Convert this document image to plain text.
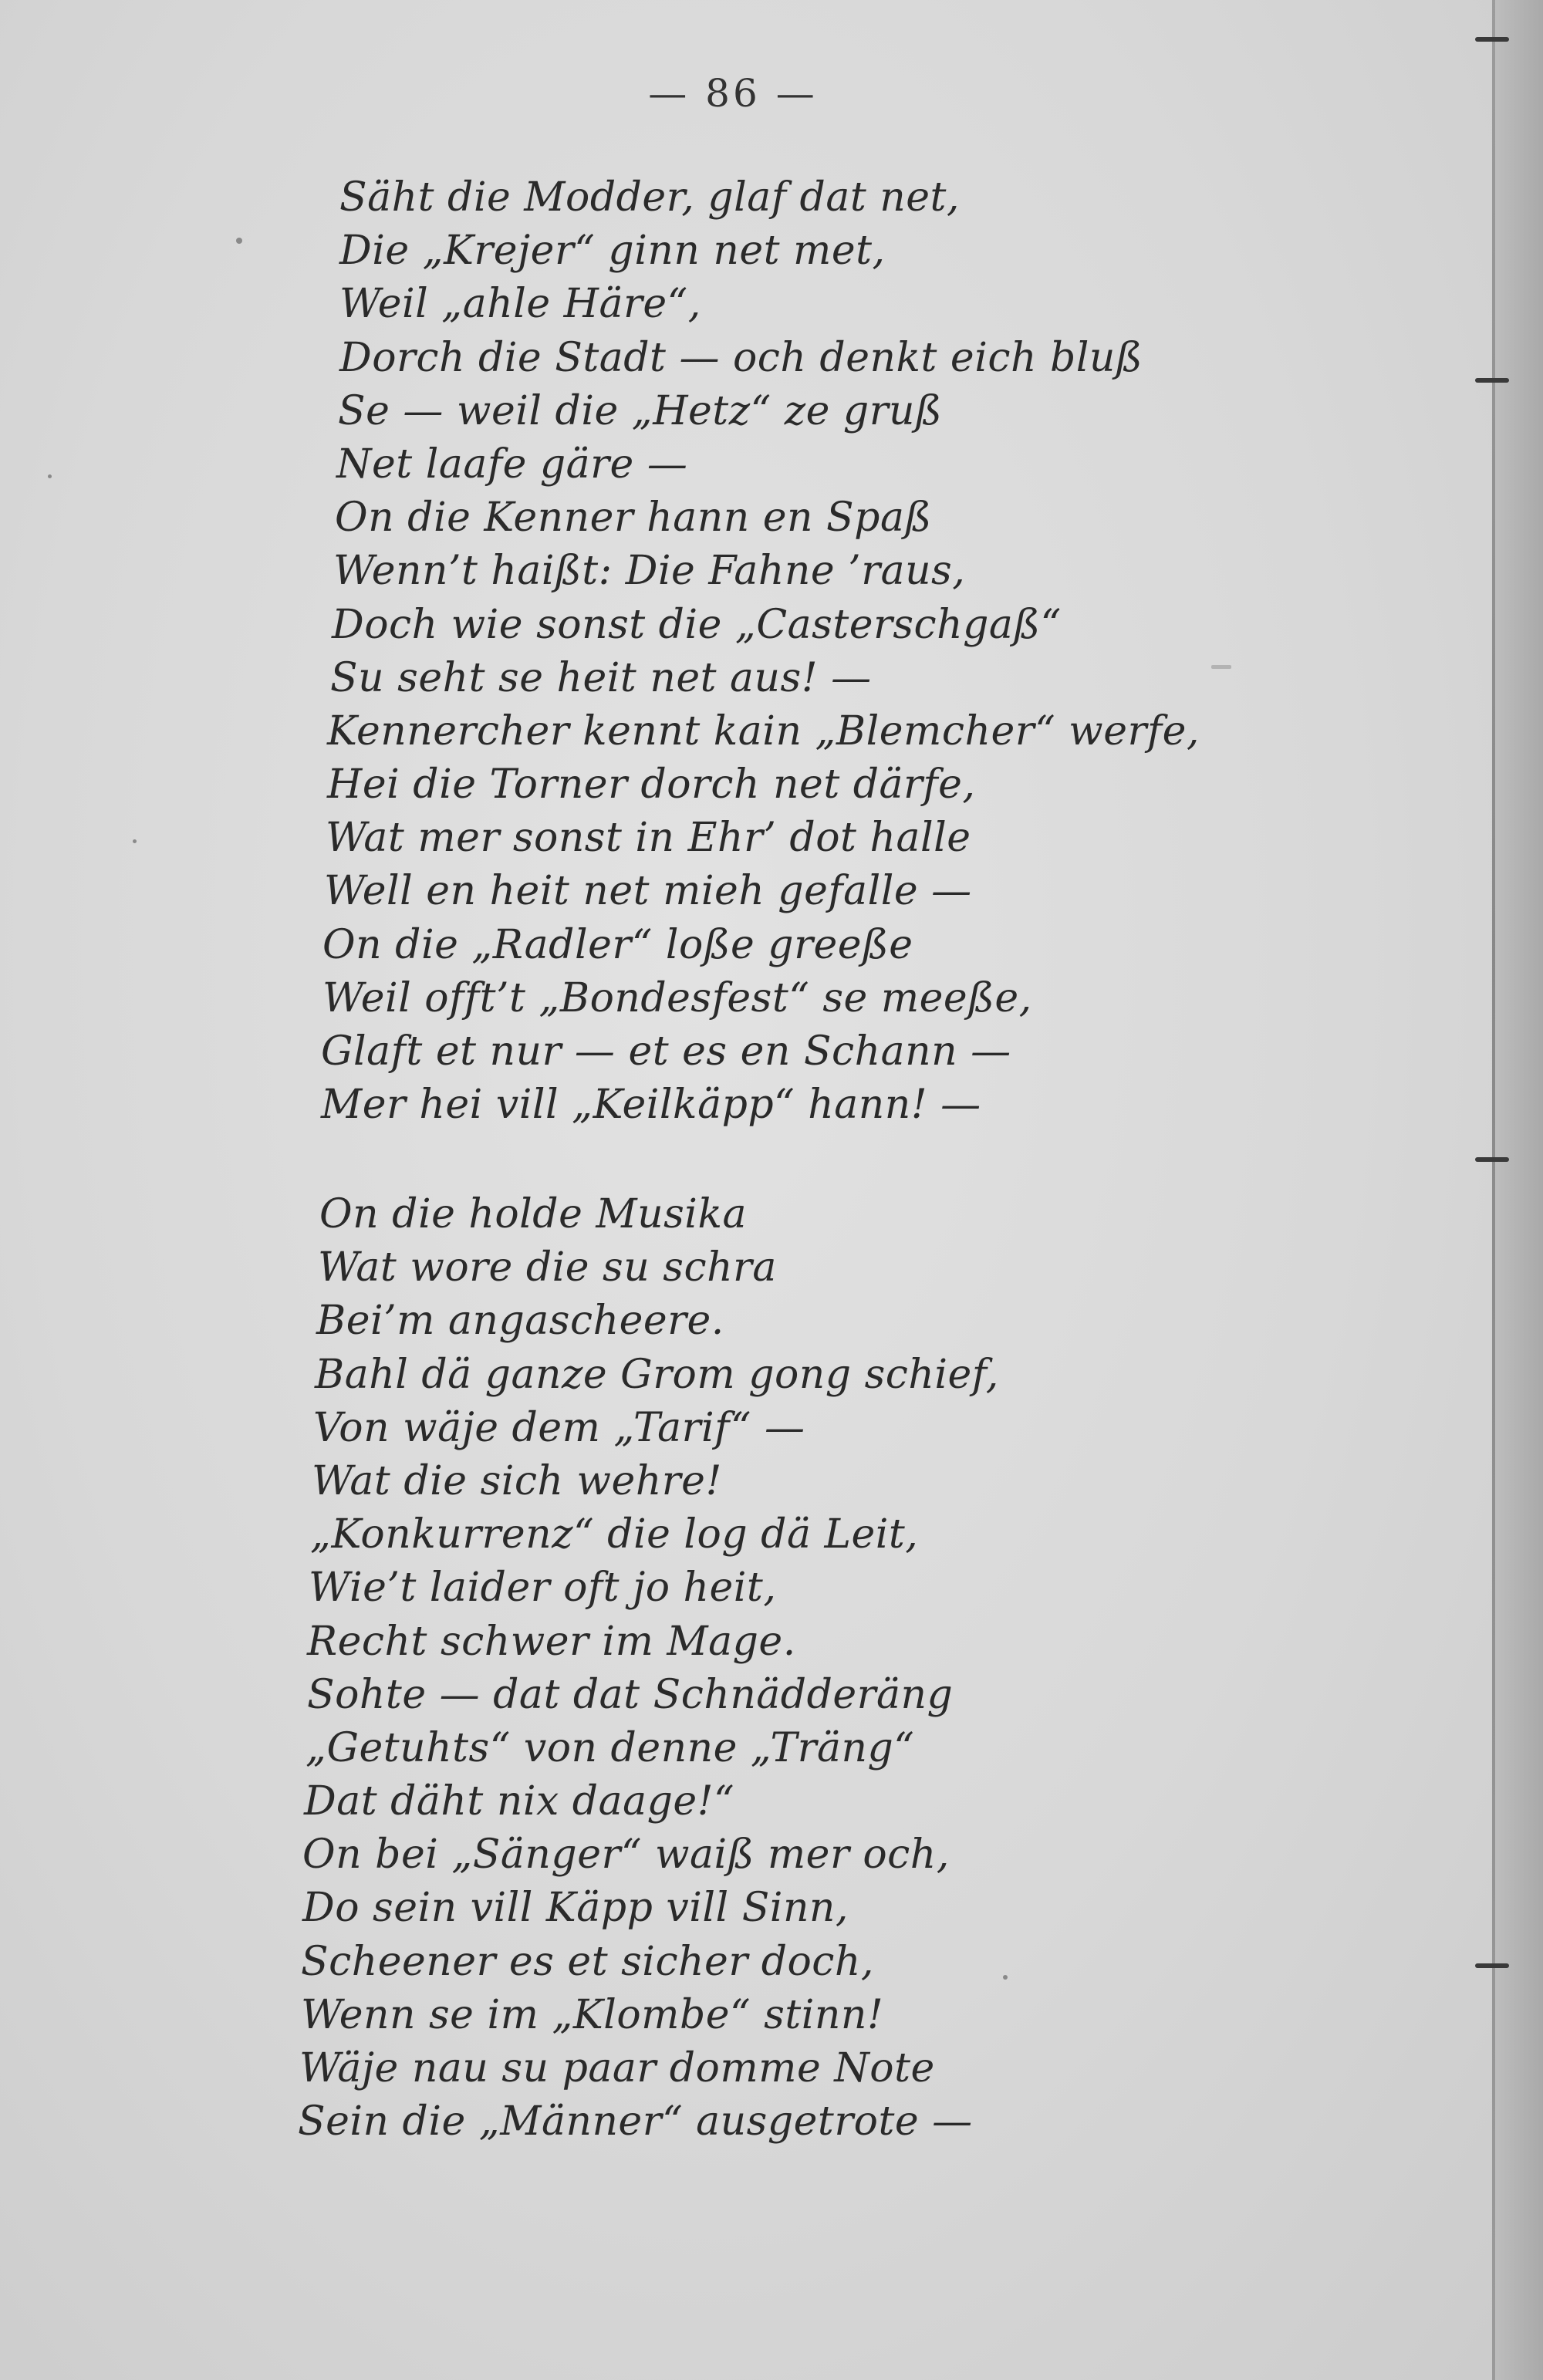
— 86 —
Säht die Modder, glaf dat net,
Die „Krejer“ ginn net met,
Weil „ahle Häre“,
Dorch die Stadt — och denkt eich bluß
Se — weil die „Hetz“ ze gruß
Net laafe gäre —
On die Kenner hann en Spaß
Wenn’t haißt: Die Fahne ’raus,
Doch wie sonst die „Casterschgaß“
Su seht se heit net aus! —
Kennercher kennt kain „Blemcher“ werfe,
Hei die Torner dorch net därfe,
Wat mer sonst in Ehr’ dot halle
Well en heit net mieh gefalle —
On die „Radler“ loße greeße
Weil offt’t „Bondesfest“ se meeße,
Glaft et nur — et es en Schann —
Mer hei vill „Keilkäpp“ hann! —
On die holde Musika
Wat wore die su schra
Bei’m angascheere.
Bahl dä ganze Grom gong schief,
Von wäje dem „Tarif“ —
Wat die sich wehre!
„Konkurrenz“ die log dä Leit,
Wie’t laider oft jo heit,
Recht schwer im Mage.
Sohte — dat dat Schnädderäng
„Getuhts“ von denne „Träng“
Dat däht nix daage!“
On bei „Sänger“ waiß mer och,
Do sein vill Käpp vill Sinn,
Scheener es et sicher doch,
Wenn se im „Klombe“ stinn!
Wäje nau su paar domme Note
Sein die „Männer“ ausgetrote —
